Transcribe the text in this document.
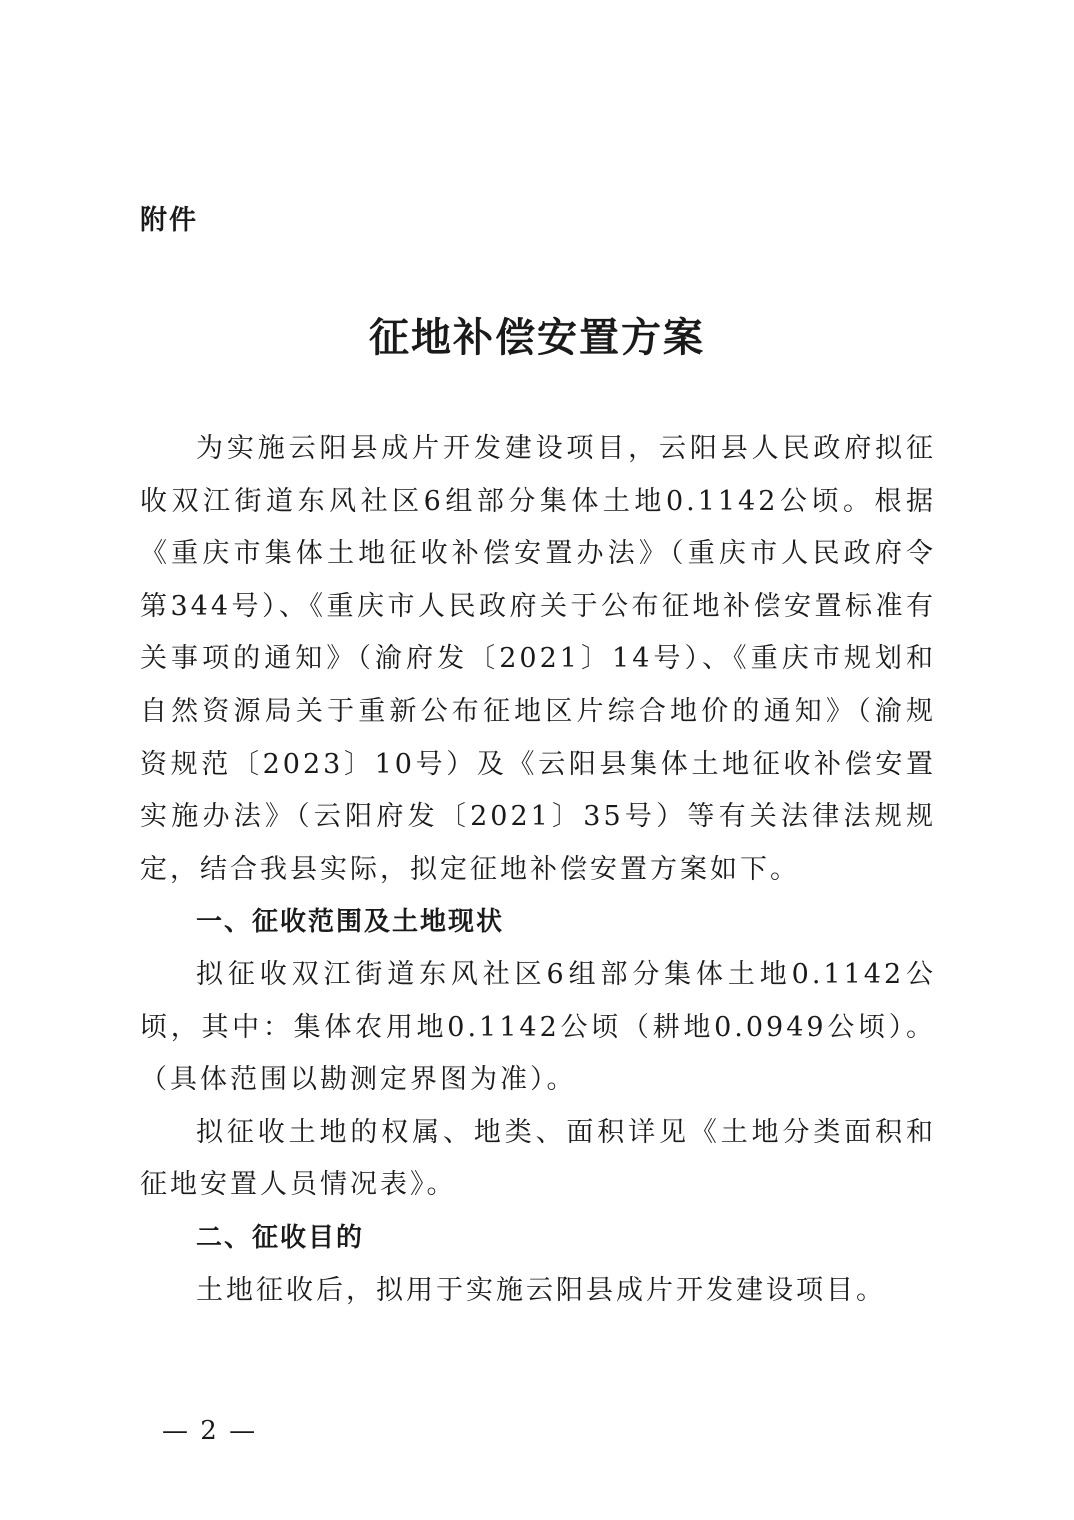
附件
征地补偿安置方案

为实施云阳县成片开发建设项目，云阳县人民政府拟征收双江街道东风社区6组部分集体土地0.1142公顷。根据《重庆市集体土地征收补偿安置办法》（重庆市人民政府令第344号）、《重庆市人民政府关于公布征地补偿安置标准有关事项的通知》（渝府发〔2021〕14号）、《重庆市规划和自然资源局关于重新公布征地区片综合地价的通知》（渝规资规范〔2023〕10号）及《云阳县集体土地征收补偿安置实施办法》（云阳府发〔2021〕35号）等有关法律法规规定，结合我县实际，拟定征地补偿安置方案如下。

一、征收范围及土地现状

拟征收双江街道东风社区6组部分集体土地0.1142公顷，其中：集体农用地0.1142公顷（耕地0.0949公顷）。（具体范围以勘测定界图为准）。

拟征收土地的权属、地类、面积详见《土地分类面积和征地安置人员情况表》。

二、征收目的

土地征收后，拟用于实施云阳县成片开发建设项目。

— 2 —
